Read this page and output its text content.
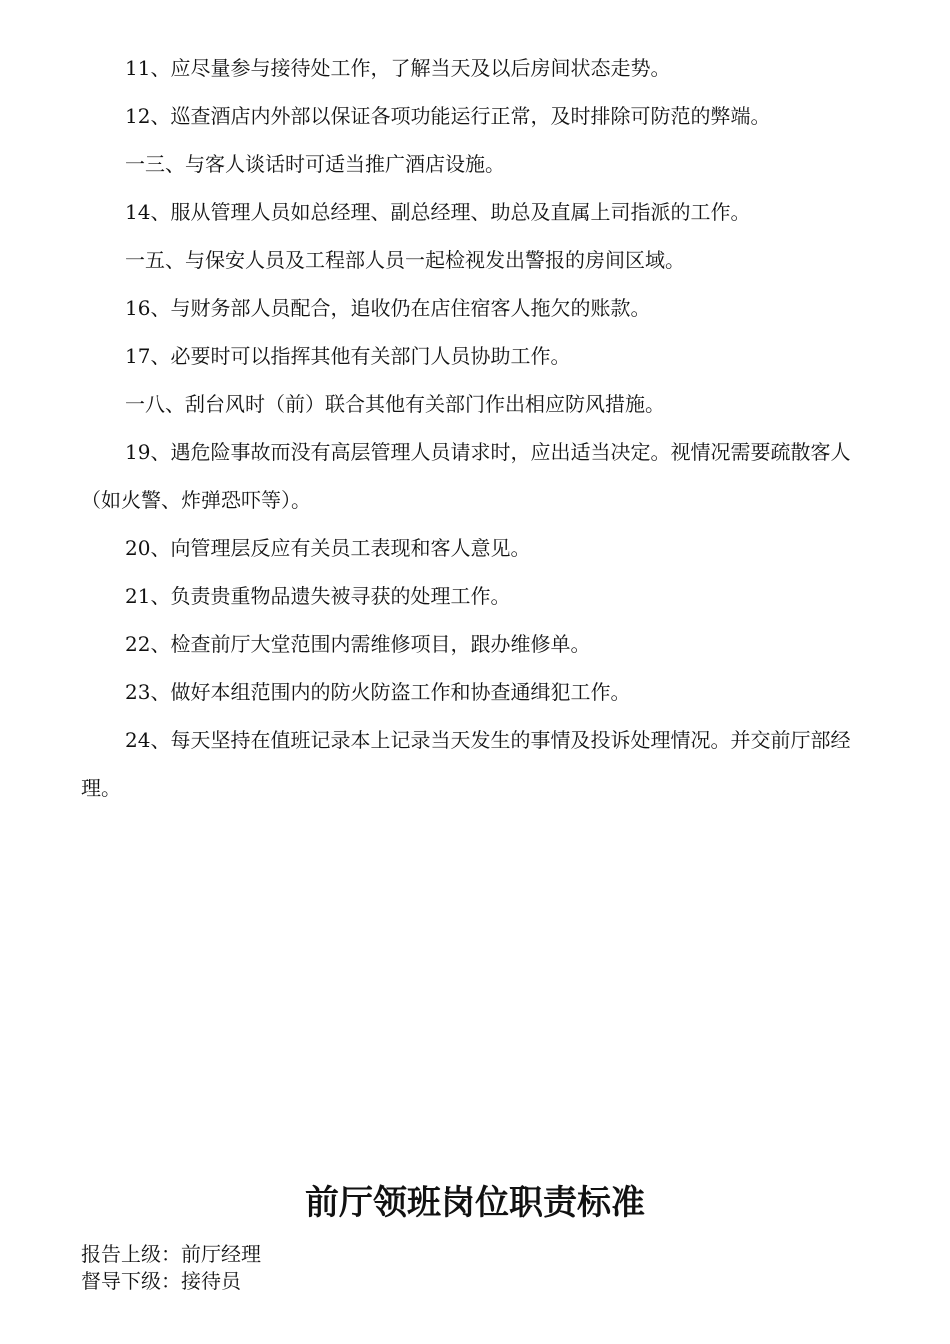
11、应尽量参与接待处工作，了解当天及以后房间状态走势。
12、巡查酒店内外部以保证各项功能运行正常，及时排除可防范的弊端。
一三、与客人谈话时可适当推广酒店设施。
14、服从管理人员如总经理、副总经理、助总及直属上司指派的工作。
一五、与保安人员及工程部人员一起检视发出警报的房间区域。
16、与财务部人员配合，追收仍在店住宿客人拖欠的账款。
17、必要时可以指挥其他有关部门人员协助工作。
一八、刮台风时（前）联合其他有关部门作出相应防风措施。
19、遇危险事故而没有高层管理人员请求时，应出适当决定。视情况需要疏散客人（如火警、炸弹恐吓等）。
20、向管理层反应有关员工表现和客人意见。
21、负责贵重物品遗失被寻获的处理工作。
22、检查前厅大堂范围内需维修项目，跟办维修单。
23、做好本组范围内的防火防盗工作和协查通缉犯工作。
24、每天坚持在值班记录本上记录当天发生的事情及投诉处理情况。并交前厅部经理。
前厅领班岗位职责标准
报告上级：前厅经理
督导下级：接待员
